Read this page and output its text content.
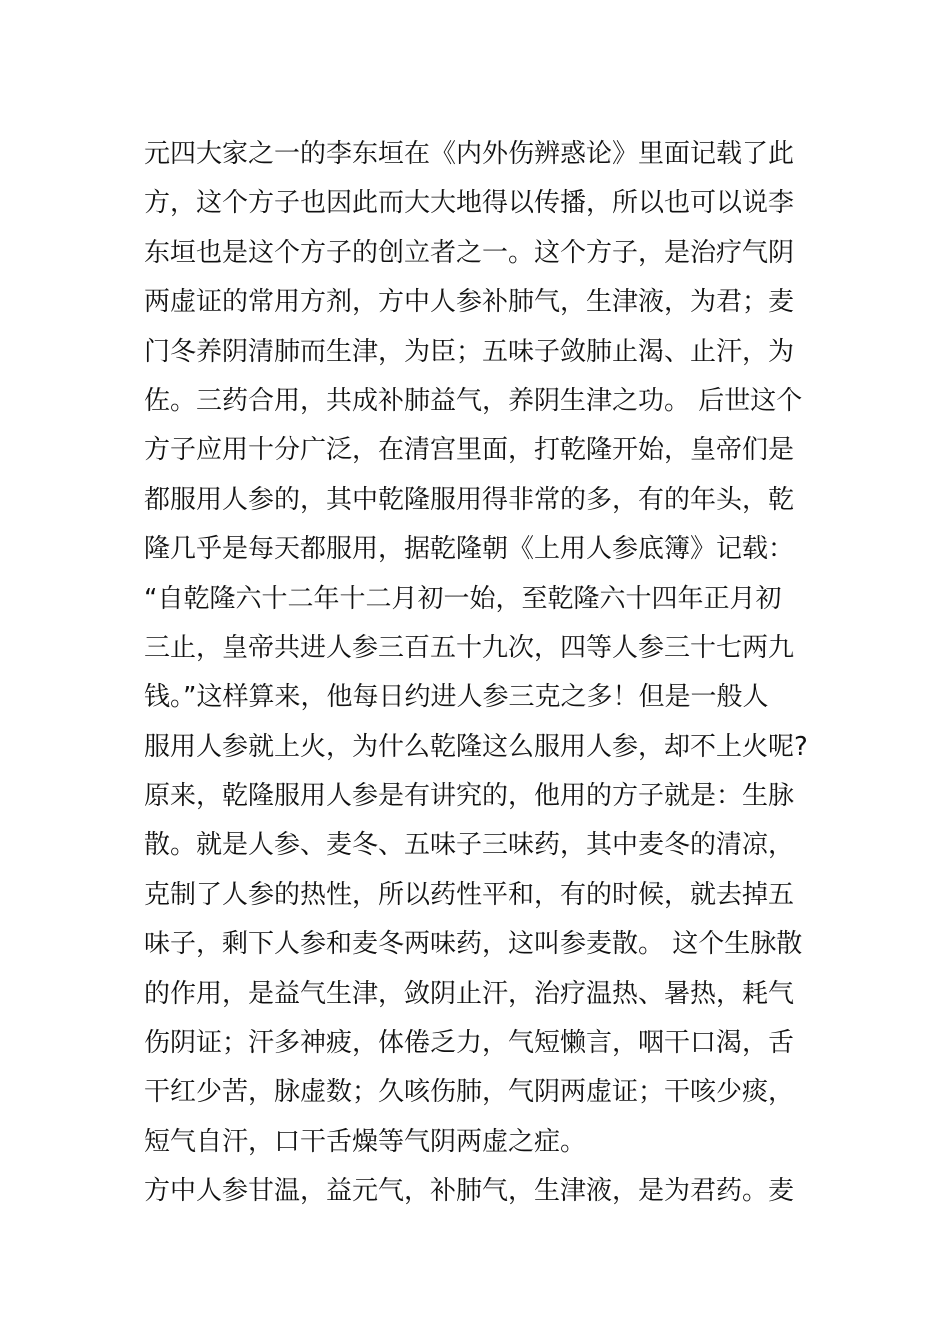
元四大家之一的李东垣在《内外伤辨惑论》里面记载了此
方，这个方子也因此而大大地得以传播，所以也可以说李
东垣也是这个方子的创立者之一。这个方子，是治疗气阴
两虚证的常用方剂，方中人参补肺气，生津液，为君；麦
门冬养阴清肺而生津，为臣；五味子敛肺止渴、止汗，为
佐。三药合用，共成补肺益气，养阴生津之功。 后世这个
方子应用十分广泛，在清宫里面，打乾隆开始，皇帝们是
都服用人参的，其中乾隆服用得非常的多，有的年头，乾
隆几乎是每天都服用，据乾隆朝《上用人参底簿》记载：
“自乾隆六十二年十二月初一始，至乾隆六十四年正月初
三止，皇帝共进人参三百五十九次，四等人参三十七两九
钱。”这样算来，他每日约进人参三克之多！但是一般人
服用人参就上火，为什么乾隆这么服用人参，却不上火呢?
原来，乾隆服用人参是有讲究的，他用的方子就是：生脉
散。就是人参、麦冬、五味子三味药，其中麦冬的清凉，
克制了人参的热性，所以药性平和，有的时候，就去掉五
味子，剩下人参和麦冬两味药，这叫参麦散。 这个生脉散
的作用，是益气生津，敛阴止汗，治疗温热、暑热，耗气
伤阴证；汗多神疲，体倦乏力，气短懒言，咽干口渴，舌
干红少苦，脉虚数；久咳伤肺，气阴两虚证；干咳少痰，
短气自汗，口干舌燥等气阴两虚之症。
方中人参甘温，益元气，补肺气，生津液，是为君药。麦
